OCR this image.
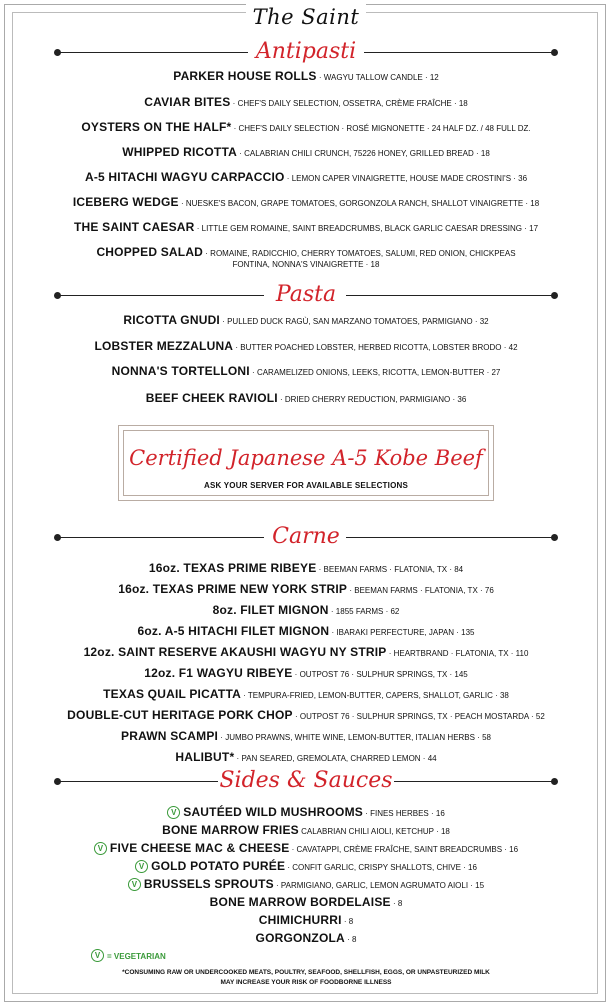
The Saint
Antipasti
PARKER HOUSE ROLLS · WAGYU TALLOW CANDLE · 12
CAVIAR BITES · CHEF'S DAILY SELECTION, OSSETRA, CRÈME FRAÎCHE · 18
OYSTERS ON THE HALF* · CHEF'S DAILY SELECTION · ROSÉ MIGNONETTE · 24 HALF DZ. / 48 FULL DZ.
WHIPPED RICOTTA · CALABRIAN CHILI CRUNCH, 75226 HONEY, GRILLED BREAD · 18
A-5 HITACHI WAGYU CARPACCIO · LEMON CAPER VINAIGRETTE, HOUSE MADE CROSTINI'S · 36
ICEBERG WEDGE · NUESKE'S BACON, GRAPE TOMATOES, GORGONZOLA RANCH, SHALLOT VINAIGRETTE · 18
THE SAINT CAESAR · LITTLE GEM ROMAINE, SAINT BREADCRUMBS, BLACK GARLIC CAESAR DRESSING · 17
CHOPPED SALAD · ROMAINE, RADICCHIO, CHERRY TOMATOES, SALUMI, RED ONION, CHICKPEAS
FONTINA, NONNA'S VINAIGRETTE · 18
Pasta
RICOTTA GNUDI · PULLED DUCK RAGÙ, SAN MARZANO TOMATOES, PARMIGIANO · 32
LOBSTER MEZZALUNA · BUTTER POACHED LOBSTER, HERBED RICOTTA, LOBSTER BRODO · 42
NONNA'S TORTELLONI · CARAMELIZED ONIONS, LEEKS, RICOTTA, LEMON-BUTTER · 27
BEEF CHEEK RAVIOLI · DRIED CHERRY REDUCTION, PARMIGIANO · 36
Certified Japanese A-5 Kobe Beef
ASK YOUR SERVER FOR AVAILABLE SELECTIONS
Carne
16oz. TEXAS PRIME RIBEYE · BEEMAN FARMS · FLATONIA, TX · 84
16oz. TEXAS PRIME NEW YORK STRIP · BEEMAN FARMS · FLATONIA, TX · 76
8oz. FILET MIGNON · 1855 FARMS · 62
6oz. A-5 HITACHI FILET MIGNON · IBARAKI PERFECTURE, JAPAN · 135
12oz. SAINT RESERVE AKAUSHI WAGYU NY STRIP · HEARTBRAND · FLATONIA, TX · 110
12oz. F1 WAGYU RIBEYE · OUTPOST 76 · SULPHUR SPRINGS, TX · 145
TEXAS QUAIL PICATTA · TEMPURA-FRIED, LEMON-BUTTER, CAPERS, SHALLOT, GARLIC · 38
DOUBLE-CUT HERITAGE PORK CHOP · OUTPOST 76 · SULPHUR SPRINGS, TX · PEACH MOSTARDA · 52
PRAWN SCAMPI · JUMBO PRAWNS, WHITE WINE, LEMON-BUTTER, ITALIAN HERBS · 58
HALIBUT* · PAN SEARED, GREMOLATA, CHARRED LEMON · 44
Sides & Sauces
V SAUTÉED WILD MUSHROOMS · FINES HERBES · 16
BONE MARROW FRIES CALABRIAN CHILI AIOLI, KETCHUP · 18
V FIVE CHEESE MAC & CHEESE · CAVATAPPI, CRÈME FRAÎCHE, SAINT BREADCRUMBS · 16
V GOLD POTATO PURÉE · CONFIT GARLIC, CRISPY SHALLOTS, CHIVE · 16
V BRUSSELS SPROUTS · PARMIGIANO, GARLIC, LEMON AGRUMATO AIOLI · 15
BONE MARROW BORDELAISE · 8
CHIMICHURRI · 8
GORGONZOLA · 8
V = VEGETARIAN
*CONSUMING RAW OR UNDERCOOKED MEATS, POULTRY, SEAFOOD, SHELLFISH, EGGS, OR UNPASTEURIZED MILK
MAY INCREASE YOUR RISK OF FOODBORNE ILLNESS
